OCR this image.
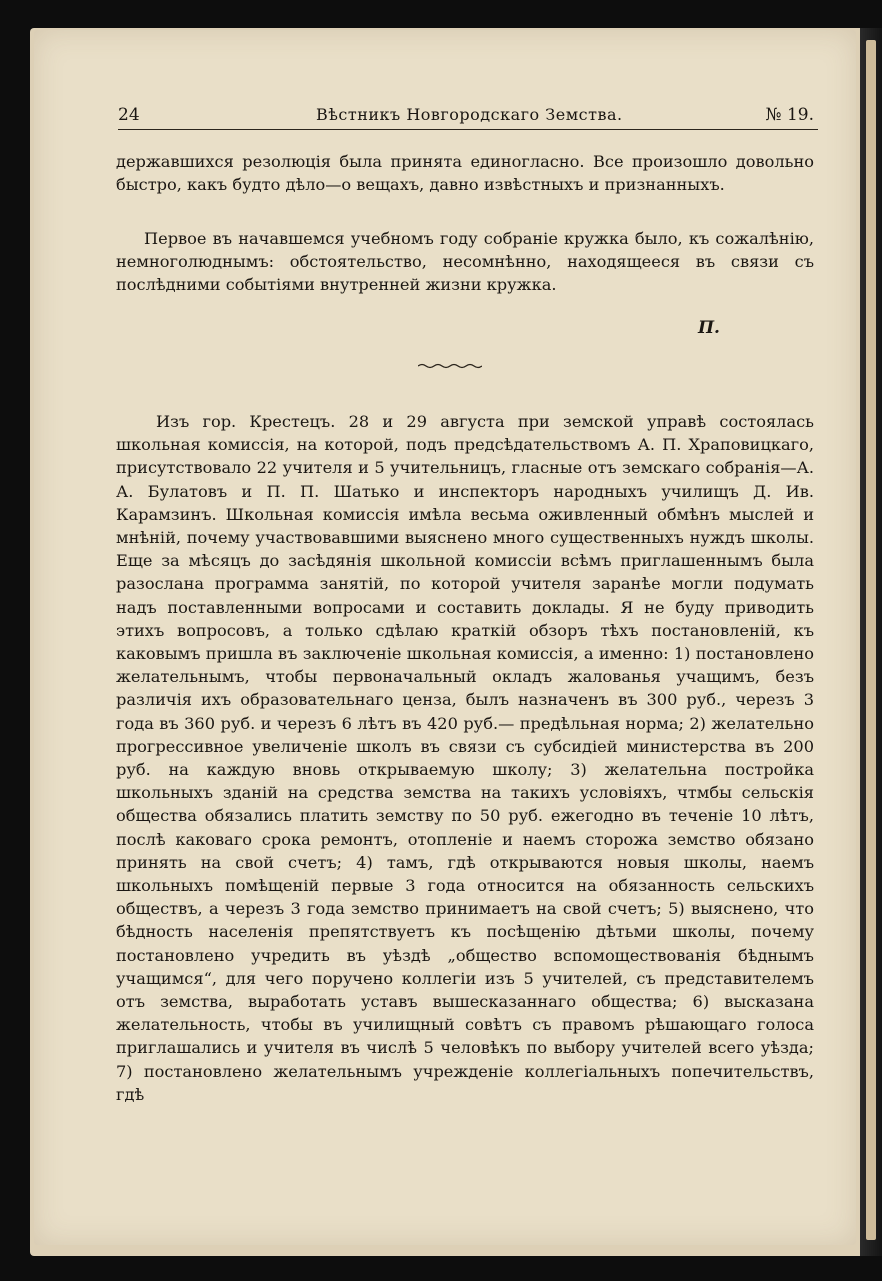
24	Вѣстникъ Новгородскаго Земства.	№ 19.
державшихся резолюція была принята единогласно. Все произошло довольно быстро, какъ будто дѣло—о вещахъ, давно извѣстныхъ и признанныхъ.
Первое въ начавшемся учебномъ году собраніе кружка было, къ сожалѣнію, немноголюднымъ: обстоятельство, несомнѣнно, находящееся въ связи съ послѣдними событіями внутренней жизни кружка.
П.
Изъ гор. Крестецъ. 28 и 29 августа при земской управѣ состоялась школьная комиссія, на которой, подъ предсѣдательствомъ А. П. Храповицкаго, присутствовало 22 учителя и 5 учительницъ, гласные отъ земскаго собранія—А. А. Булатовъ и П. П. Шатько и инспекторъ народныхъ училищъ Д. Ив. Карамзинъ. Школьная комиссія имѣла весьма оживленный обмѣнъ мыслей и мнѣній, почему участвовавшими выяснено много существенныхъ нуждъ школы. Еще за мѣсяцъ до засѣдянія школьной комиссіи всѣмъ приглашеннымъ была разослана программа занятій, по которой учителя заранѣе могли подумать надъ поставленными вопросами и составить доклады. Я не буду приводить этихъ вопросовъ, а только сдѣлаю краткій обзоръ тѣхъ постановленій, къ каковымъ пришла въ заключеніе школьная комиссія, а именно: 1) постановлено желательнымъ, чтобы первоначальный окладъ жалованья учащимъ, безъ различія ихъ образовательнаго ценза, былъ назначенъ въ 300 руб., черезъ 3 года въ 360 руб. и черезъ 6 лѣтъ въ 420 руб.— предѣльная норма; 2) желательно прогрессивное увеличеніе школъ въ связи съ субсидіей министерства въ 200 руб. на каждую вновь открываемую школу; 3) желательна постройка школьныхъ зданій на средства земства на такихъ условіяхъ, чтмбы сельскія общества обязались платить земству по 50 руб. ежегодно въ теченіе 10 лѣтъ, послѣ каковаго срока ремонтъ, отопленіе и наемъ сторожа земство обязано принять на свой счетъ; 4) тамъ, гдѣ открываются новыя школы, наемъ школьныхъ помѣщеній первые 3 года относится на обязанность сельскихъ обществъ, а черезъ 3 года земство принимаетъ на свой счетъ; 5) выяснено, что бѣдность населенія препятствуетъ къ посѣщенію дѣтьми школы, почему постановлено учредить въ уѣздѣ „общество вспомоществованія бѣднымъ учащимся“, для чего поручено коллегіи изъ 5 учителей, съ представителемъ отъ земства, выработать уставъ вышесказаннаго общества; 6) высказана желательность, чтобы въ училищный совѣтъ съ правомъ рѣшающаго голоса приглашались и учителя въ числѣ 5 человѣкъ по выбору учителей всего уѣзда; 7) постановлено желательнымъ учрежденіе коллегіальныхъ попечительствъ, гдѣ
